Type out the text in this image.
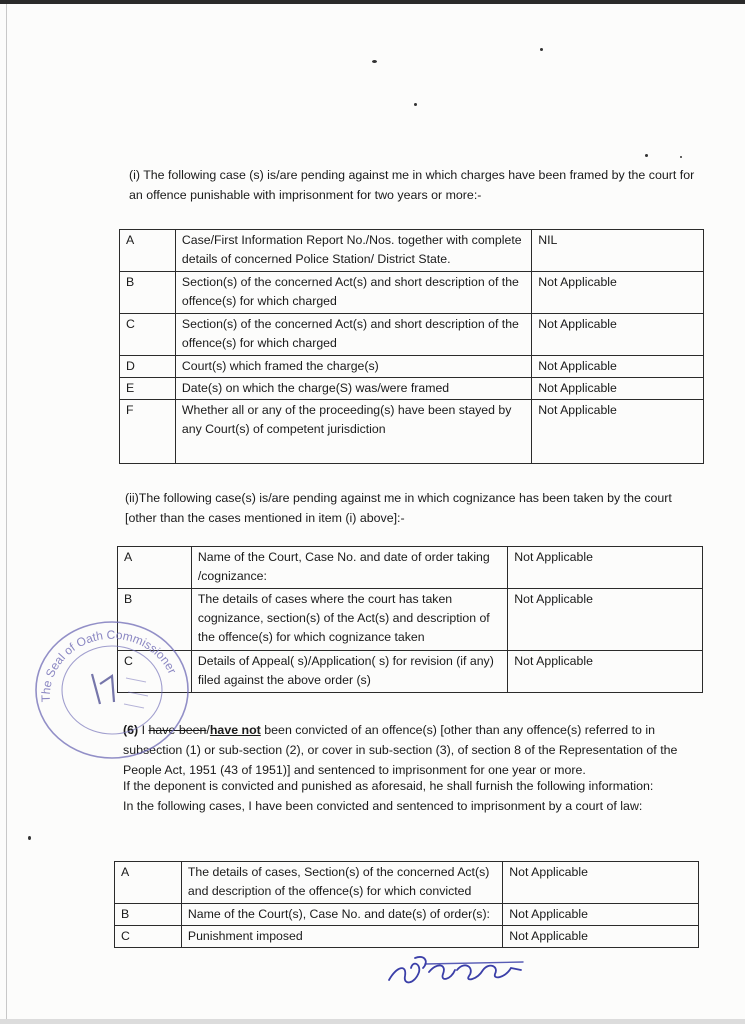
(i) The following case (s) is/are pending against me in which charges have been framed by the court for
an offence punishable with imprisonment for two years or more:-
A	Case/First Information Report No./Nos. together with complete
details of concerned Police Station/ District State.	NIL
B	Section(s) of the concerned Act(s) and short description of the
offence(s) for which charged	Not Applicable
C	Section(s) of the concerned Act(s) and short description of the
offence(s) for which charged	Not Applicable
D	Court(s) which framed the charge(s)	Not Applicable
E	Date(s) on which the charge(S) was/were framed	Not Applicable
F	Whether all or any of the proceeding(s) have been stayed by
any Court(s) of competent jurisdiction	Not Applicable
(ii)The following case(s) is/are pending against me in which cognizance has been taken by the court
[other than the cases mentioned in item (i) above]:-
A	Name of the Court, Case No. and date of order taking
/cognizance:	Not Applicable
B	The details of cases where the court has taken
cognizance, section(s) of the Act(s) and description of
the offence(s) for which cognizance taken	Not Applicable
C	Details of Appeal( s)/Application( s) for revision (if any)
filed against the above order (s)	Not Applicable
(6) I have been/have not been convicted of an offence(s) [other than any offence(s) referred to in
subsection (1) or sub-section (2), or cover in sub-section (3), of section 8 of the Representation of the
People Act, 1951 (43 of 1951)] and sentenced to imprisonment for one year or more.
If the deponent is convicted and punished as aforesaid, he shall furnish the following information:
In the following cases, I have been convicted and sentenced to imprisonment by a court of law:
A	The details of cases, Section(s) of the concerned Act(s)
and description of the offence(s) for which convicted	Not Applicable
B	Name of the Court(s), Case No. and date(s) of order(s):	Not Applicable
C	Punishment imposed	Not Applicable
The Seal of Oath Commissioner
